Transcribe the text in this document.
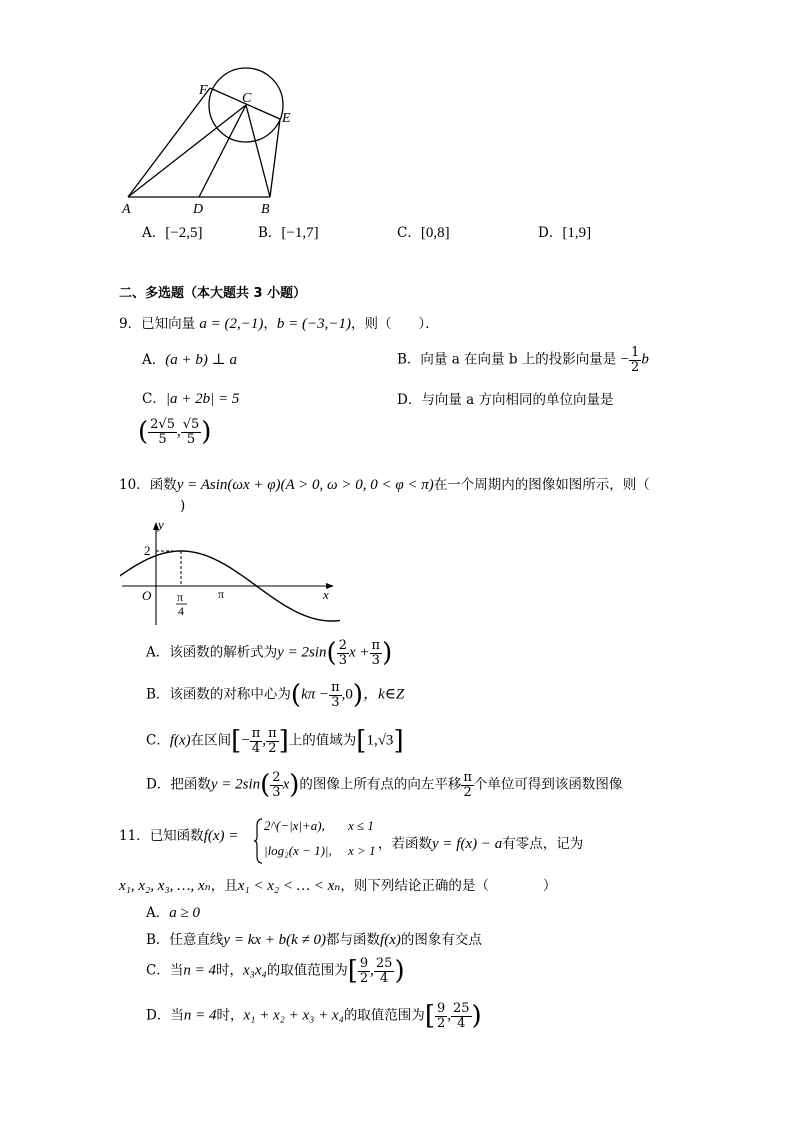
F
C
E
A	D	B
A．[−2,5]	B．[−1,7]	C．[0,8]	D．[1,9]
二、多选题（本大题共 3 小题）
9．已知向量 a = (2,−1)，b = (−3,−1)，则（　　）．
A．(a + b) ⊥ a	B．向量 a 在向量 b 上的投影向量是 − $\frac{1}{2}$ b
C．|a + 2b| = 5	D．与向量 a 方向相同的单位向量是
( $\frac{2√5}{5}$ , $\frac{√5}{5}$ )
10．函数y = Asin(ωx + φ)(A > 0, ω > 0, 0 < φ < π)在一个周期内的图像如图所示，则（
)
y
x
O
2
π
4
π
A．该函数的解析式为$y = 2\sin( \frac{2}{3}$ $x + \frac{\pi}{3}$ )
B．该函数的对称中心为$(k\pi - \frac{\pi}{3} ,0)$，k∈Z
C．f(x)在区间[− $\frac{\pi}{4}$ , $\frac{\pi}{2}$ ]上的值域为[1,√3]
D．把函数$y = 2\sin( \frac{2}{3} x)$的图像上所有点的向左平移 $\frac{\pi}{2}$ 个单位可得到该函数图像
11．已知函数f(x) =
2^(−|x|+a), x ≤ 1
|log₂(x − 1)|, x > 1 ，若函数y = f(x) − a有零点，记为
x₁, x₂, x₃, …, xₙ，且x₁ < x₂ < … < xₙ，则下列结论正确的是（　　　　）
A．a ≥ 0
B．任意直线y = kx + b(k ≠ 0)都与函数f(x)的图象有交点
C．当n = 4时，x₃x₄的取值范围为[ $\frac{9}{2}$ , $\frac{25}{4}$ )
D．当n = 4时，x₁ + x₂ + x₃ + x₄的取值范围为[ $\frac{9}{2}$ , $\frac{25}{4}$ )
